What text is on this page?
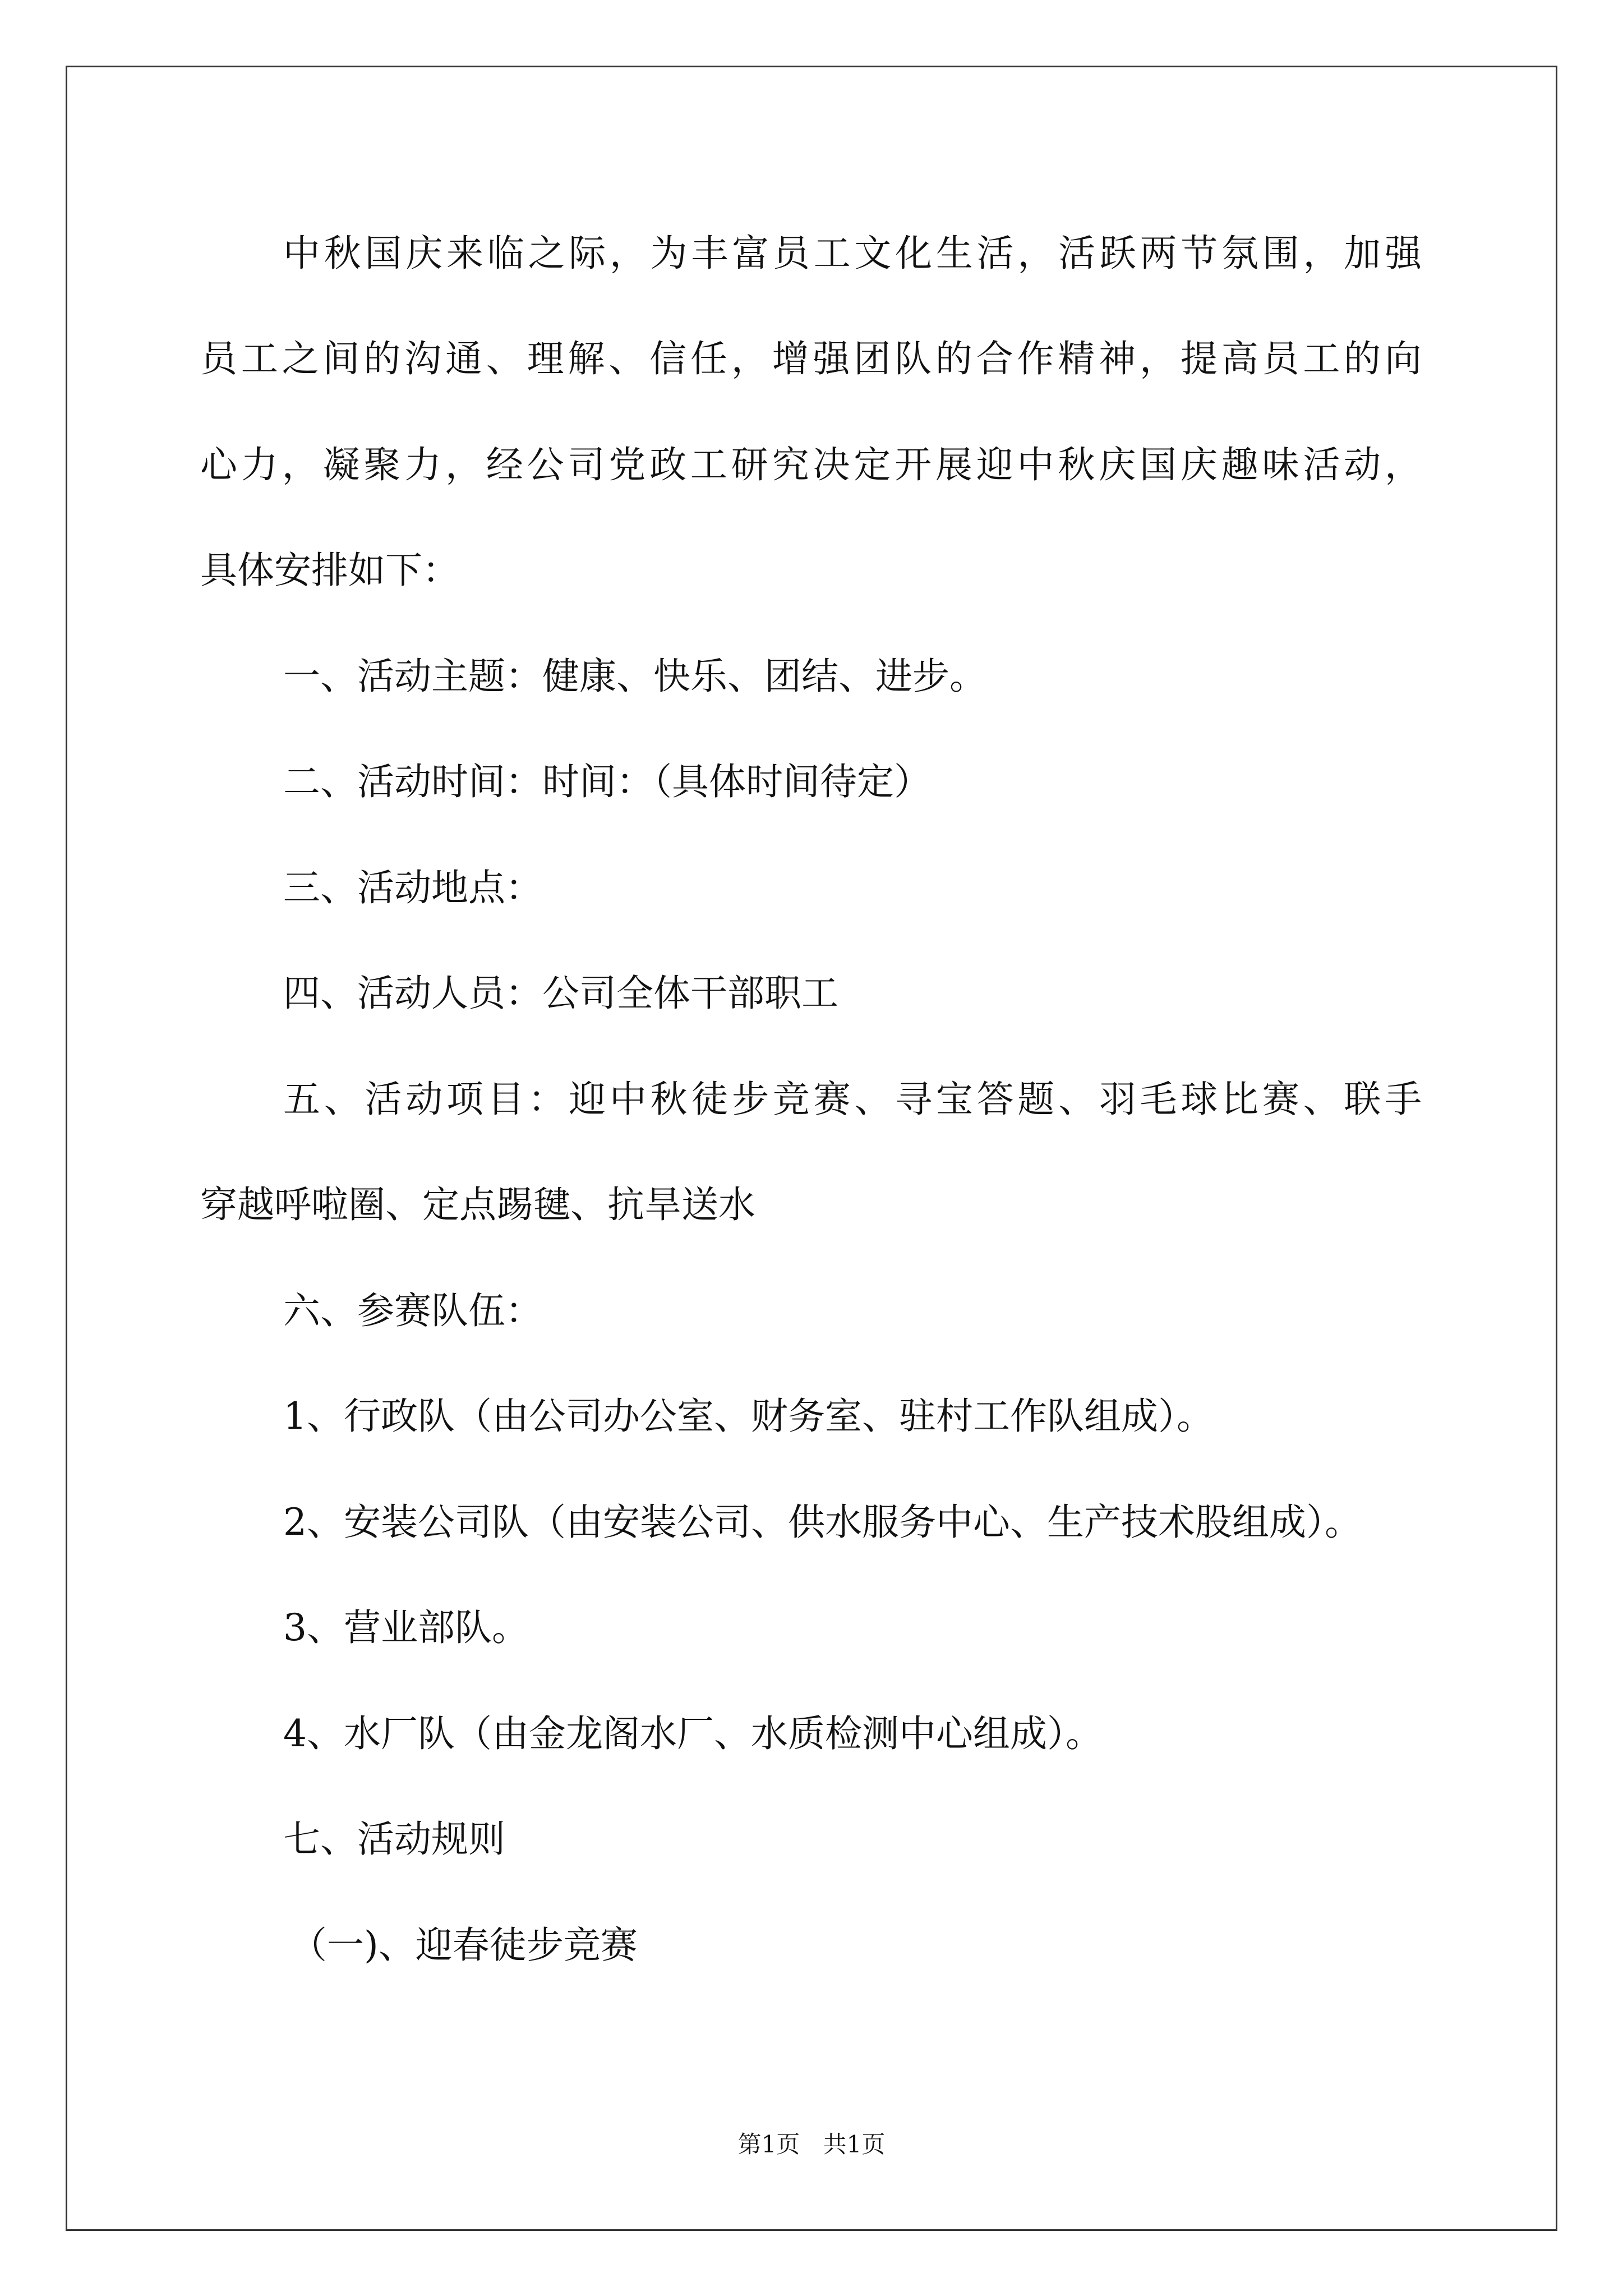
中秋国庆来临之际，为丰富员工文化生活，活跃两节氛围，加强
员工之间的沟通、理解、信任，增强团队的合作精神，提高员工的向
心力，凝聚力，经公司党政工研究决定开展迎中秋庆国庆趣味活动，
具体安排如下：
一、活动主题：健康、快乐、团结、进步。
二、活动时间：时间：（具体时间待定）
三、活动地点：
四、活动人员：公司全体干部职工
五、活动项目：迎中秋徒步竞赛、寻宝答题、羽毛球比赛、联手
穿越呼啦圈、定点踢毽、抗旱送水
六、参赛队伍：
1、行政队（由公司办公室、财务室、驻村工作队组成）。
2、安装公司队（由安装公司、供水服务中心、生产技术股组成）。
3、营业部队。
4、水厂队（由金龙阁水厂、水质检测中心组成）。
七、活动规则
（一)、迎春徒步竞赛
第1页 共1页
